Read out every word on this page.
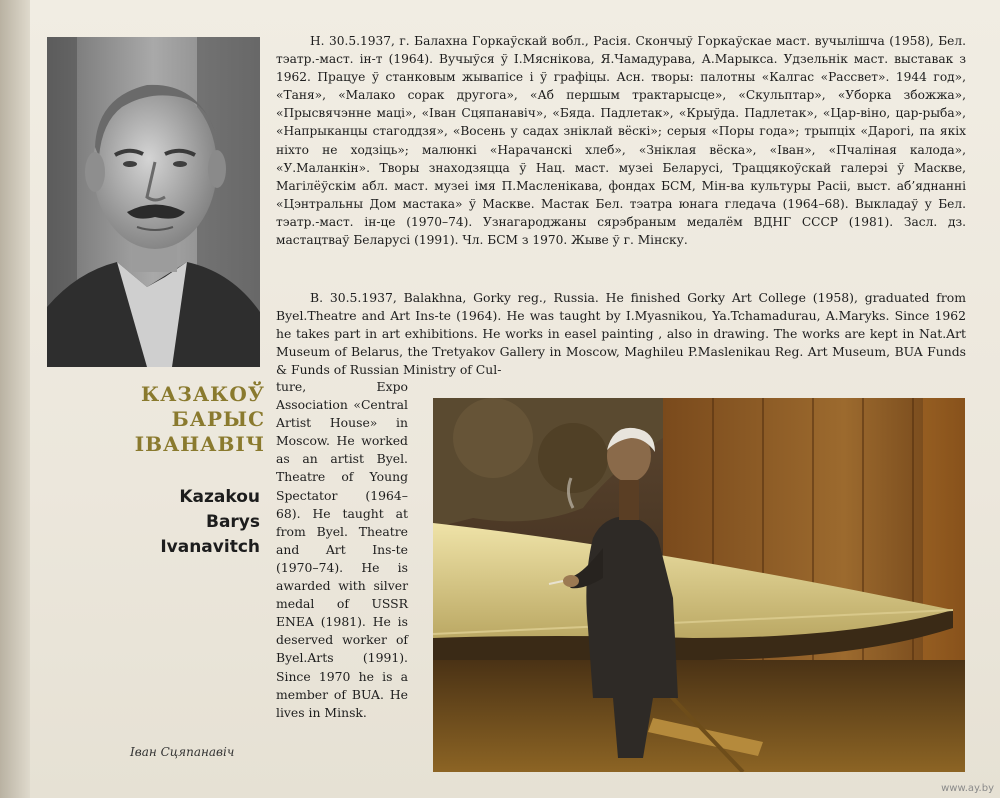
КАЗАКОЎ
БАРЫС
ІВАНАВІЧ
Kazakou
Barys
Ivanavitch
Іван Сцяпанавіч
Н. 30.5.1937, г. Балахна Горкаўскай вобл., Расія. Скончыў Горкаўскае маст. вучылішча (1958), Бел. тэатр.-маст. ін-т (1964). Вучыўся ў І.Мяснікова, Я.Чамадурава, А.Марыкса. Удзельнік маст. выставак з 1962. Працуе ў станковым жывапісе і ў графіцы. Асн. творы: палотны «Калгас «Рассвет». 1944 год», «Таня», «Малако сорак другога», «Аб першым трактарысце», «Скульптар», «Уборка збожжа», «Прысвячэнне маці», «Іван Сцяпанавіч», «Бяда. Падлетак», «Крыўда. Падлетак», «Цар-віно, цар-рыба», «Напрыканцы стагоддзя», «Восень у садах зніклай вёскі»; серыя «Поры года»; трыпціх «Дарогі, па якіх ніхто не ходзіць»; малюнкі «Нарачанскі хлеб», «Зніклая вёска», «Іван», «Пчаліная калода», «У.Маланкін». Творы знаходзяцца ў Нац. маст. музеі Беларусі, Траццякоўскай галерэі ў Маскве, Магілёўскім абл. маст. музеі імя П.Масленікава, фондах БСМ, Мін-ва культуры Расіі, выст. аб’яднанні «Цэнтральны Дом мастака» ў Маскве. Мастак Бел. тэатра юнага гледача (1964–68). Выкладаў у Бел. тэатр.-маст. ін-це (1970–74). Узнагароджаны сярэбраным медалём ВДНГ СССР (1981). Засл. дз. мастацтваў Беларусі (1991). Чл. БСМ з 1970. Жыве ў г. Мінску.
B. 30.5.1937, Balakhna, Gorky reg., Russia. He finished Gorky Art College (1958), graduated from Byel.Theatre and Art Ins-te (1964). He was taught by I.Myasnikou, Ya.Tchamadurau, A.Maryks. Since 1962 he takes part in art exhibitions. He works in easel painting , also in drawing. The works are kept in Nat.Art Museum of Belarus, the Tretyakov Gallery in Moscow, Maghileu P.Maslenikau Reg. Art Museum, BUA Funds & Funds of Russian Ministry of Cul-
ture, Expo Association «Central Artist House» in Moscow. He worked as an artist Byel. Theatre of Young Spectator (1964–68). He taught at from Byel. Theatre and Art Ins-te (1970–74). He is awarded with silver medal of USSR ENEA (1981). He is deserved worker of Byel.Arts (1991). Since 1970 he is a member of BUA. He lives in Minsk.
www.ay.by
